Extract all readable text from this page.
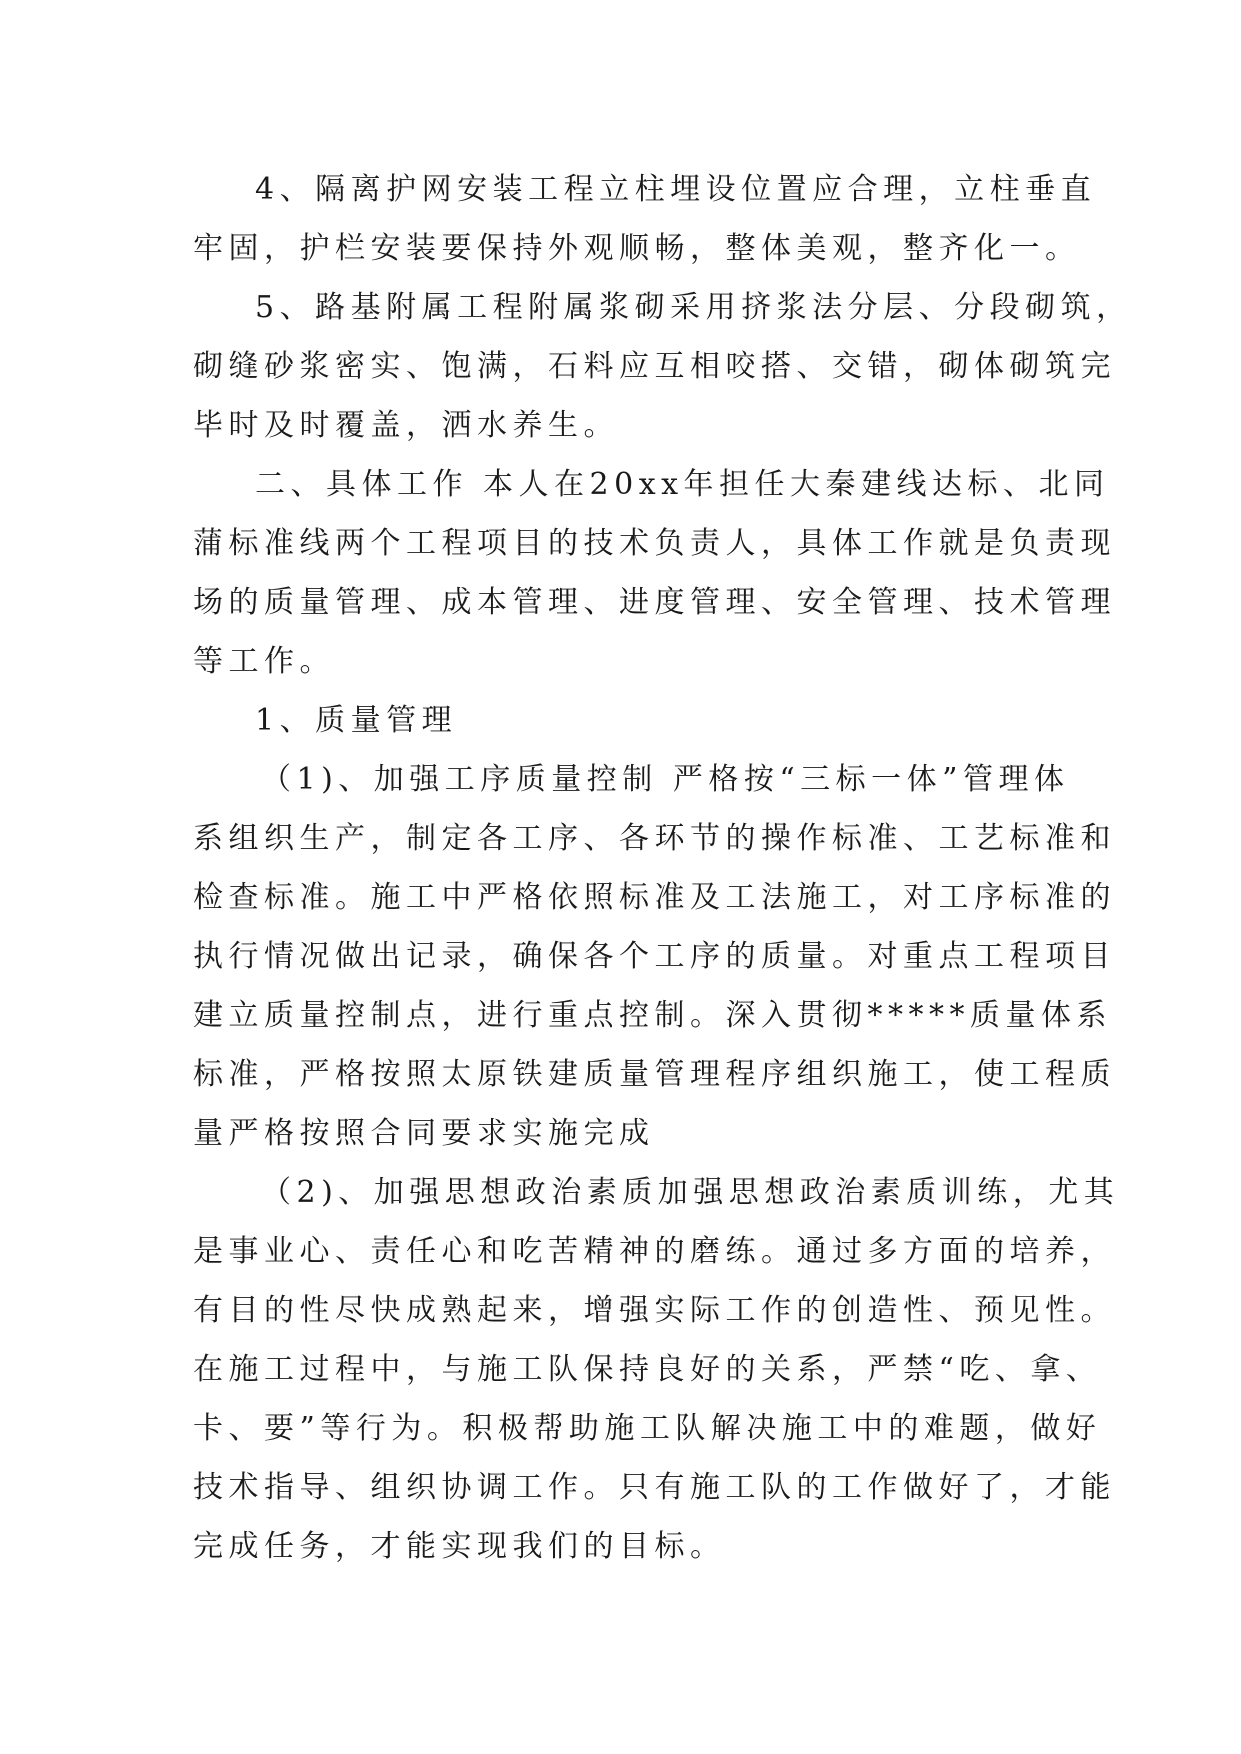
4、隔离护网安装工程立柱埋设位置应合理，立柱垂直
牢固，护栏安装要保持外观顺畅，整体美观，整齐化一。
5、路基附属工程附属浆砌采用挤浆法分层、分段砌筑，
砌缝砂浆密实、饱满，石料应互相咬搭、交错，砌体砌筑完
毕时及时覆盖，洒水养生。
二、具体工作 本人在20xx年担任大秦建线达标、北同
蒲标准线两个工程项目的技术负责人，具体工作就是负责现
场的质量管理、成本管理、进度管理、安全管理、技术管理
等工作。
1、质量管理
（1)、加强工序质量控制 严格按“三标一体”管理体
系组织生产，制定各工序、各环节的操作标准、工艺标准和
检查标准。施工中严格依照标准及工法施工，对工序标准的
执行情况做出记录，确保各个工序的质量。对重点工程项目
建立质量控制点，进行重点控制。深入贯彻*****质量体系
标准，严格按照太原铁建质量管理程序组织施工，使工程质
量严格按照合同要求实施完成
（2)、加强思想政治素质加强思想政治素质训练，尤其
是事业心、责任心和吃苦精神的磨练。通过多方面的培养，
有目的性尽快成熟起来，增强实际工作的创造性、预见性。
在施工过程中，与施工队保持良好的关系，严禁“吃、拿、
卡、要”等行为。积极帮助施工队解决施工中的难题，做好
技术指导、组织协调工作。只有施工队的工作做好了，才能
完成任务，才能实现我们的目标。
